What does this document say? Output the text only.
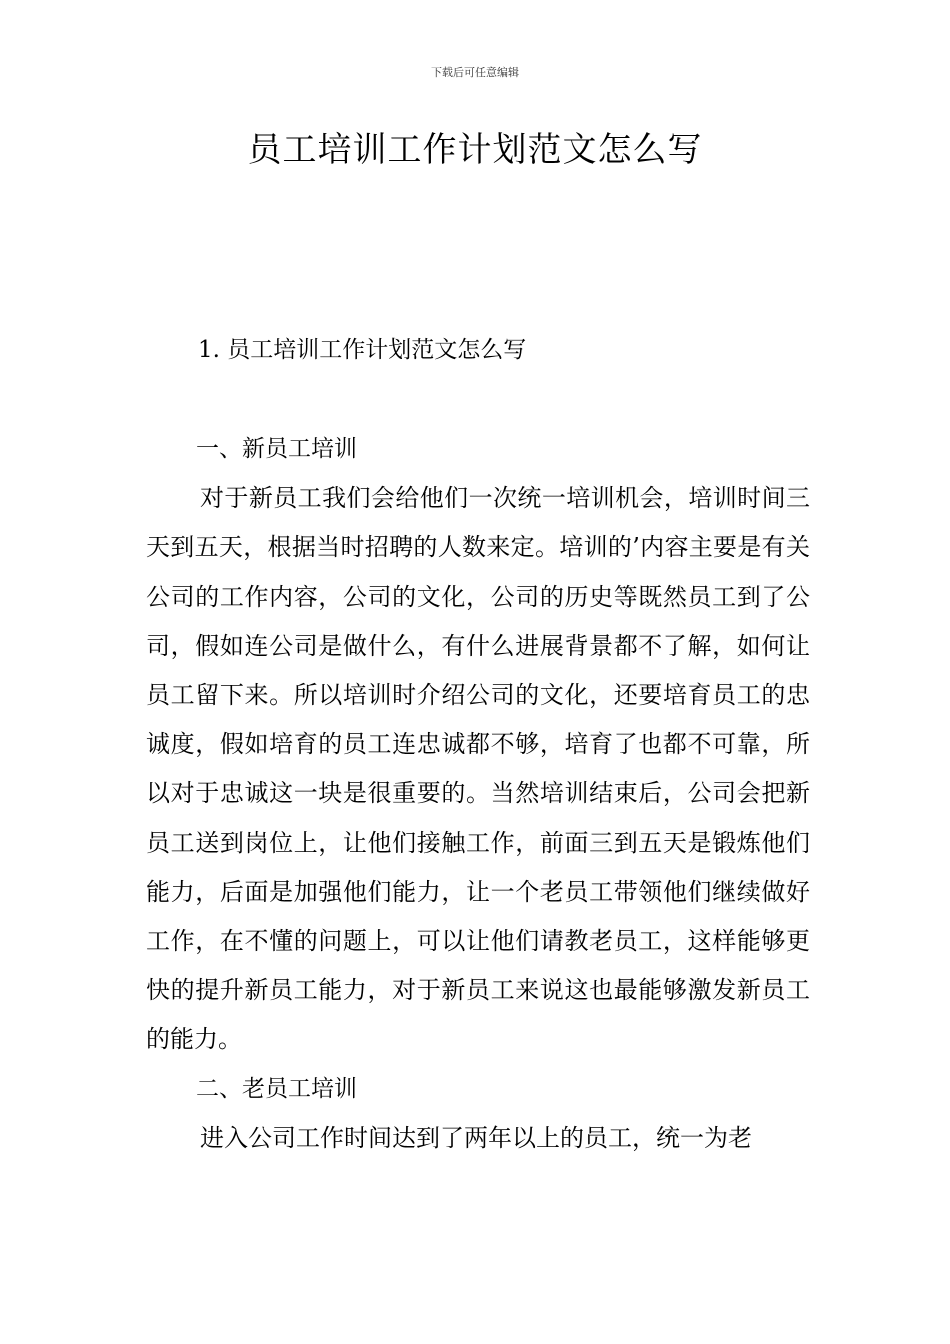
下载后可任意编辑
员工培训工作计划范文怎么写

1. 员工培训工作计划范文怎么写

一、新员工培训

对于新员工我们会给他们一次统一培训机会，培训时间三天到五天，根据当时招聘的人数来定。培训的’内容主要是有关公司的工作内容，公司的文化，公司的历史等既然员工到了公司，假如连公司是做什么，有什么进展背景都不了解，如何让员工留下来。所以培训时介绍公司的文化，还要培育员工的忠诚度，假如培育的员工连忠诚都不够，培育了也都不可靠，所以对于忠诚这一块是很重要的。当然培训结束后，公司会把新员工送到岗位上，让他们接触工作，前面三到五天是锻炼他们能力，后面是加强他们能力，让一个老员工带领他们继续做好工作，在不懂的问题上，可以让他们请教老员工，这样能够更快的提升新员工能力，对于新员工来说这也最能够激发新员工的能力。

二、老员工培训

进入公司工作时间达到了两年以上的员工，统一为老
